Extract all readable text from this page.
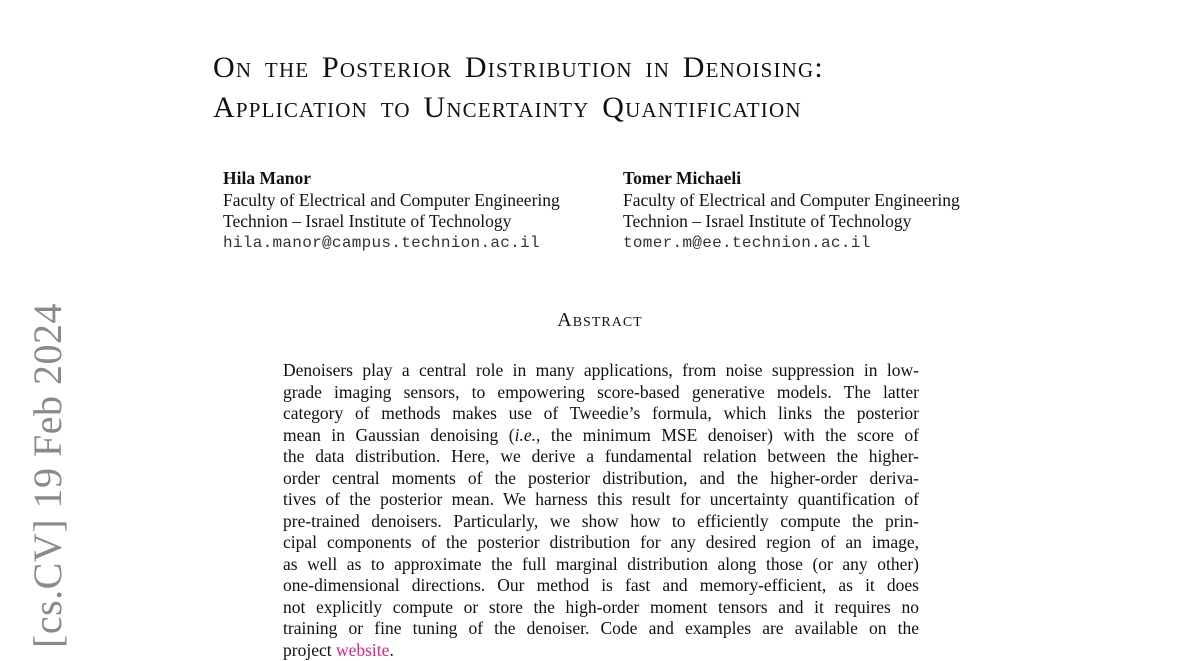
[cs.CV] 19 Feb 2024
On the Posterior Distribution in Denoising:
Application to Uncertainty Quantification
Hila Manor
Faculty of Electrical and Computer Engineering
Technion – Israel Institute of Technology
hila.manor@campus.technion.ac.il
Tomer Michaeli
Faculty of Electrical and Computer Engineering
Technion – Israel Institute of Technology
tomer.m@ee.technion.ac.il
Abstract
Denoisers play a central role in many applications, from noise suppression in low-
grade imaging sensors, to empowering score-based generative models. The latter
category of methods makes use of Tweedie’s formula, which links the posterior
mean in Gaussian denoising (i.e., the minimum MSE denoiser) with the score of
the data distribution. Here, we derive a fundamental relation between the higher-
order central moments of the posterior distribution, and the higher-order deriva-
tives of the posterior mean. We harness this result for uncertainty quantification of
pre-trained denoisers. Particularly, we show how to efficiently compute the prin-
cipal components of the posterior distribution for any desired region of an image,
as well as to approximate the full marginal distribution along those (or any other)
one-dimensional directions. Our method is fast and memory-efficient, as it does
not explicitly compute or store the high-order moment tensors and it requires no
training or fine tuning of the denoiser. Code and examples are available on the
project website.
